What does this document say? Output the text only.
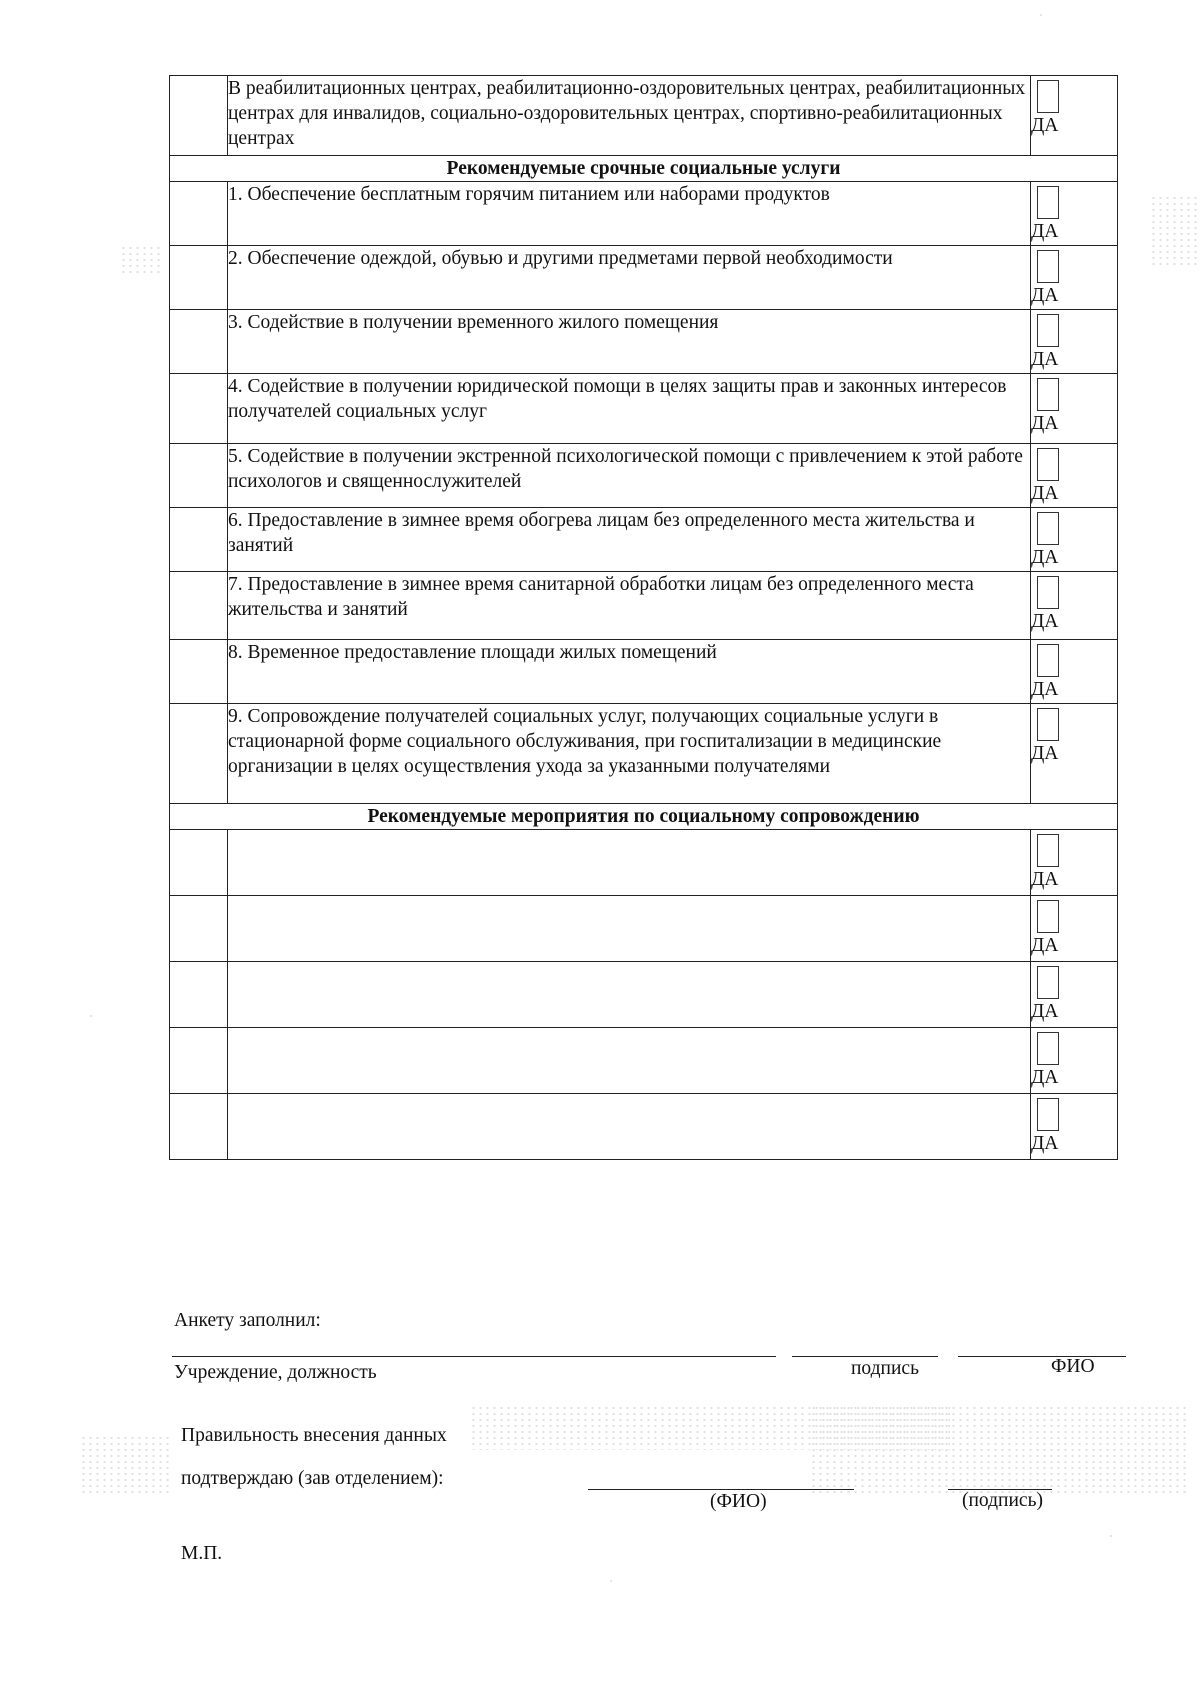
	В реабилитационных центрах, реабилитационно-оздоровительных центрах, реабилитационных центрах для инвалидов, социально-оздоровительных центрах, спортивно-реабилитационных центрах	ДА

Рекомендуемые срочные социальные услуги		
	1. Обеспечение бесплатным горячим питанием или наборами продуктов	ДА

	2. Обеспечение одеждой, обувью и другими предметами первой необходимости	ДА

	3. Содействие в получении временного жилого помещения	ДА

	4. Содействие в получении юридической помощи в целях защиты прав и законных интересов получателей социальных услуг	ДА

	5. Содействие в получении экстренной психологической помощи с привлечением к этой работе психологов и священнослужителей	ДА

	6. Предоставление в зимнее время обогрева лицам без определенного места жительства и занятий	ДА

	7. Предоставление в зимнее время санитарной обработки лицам без определенного места жительства и занятий	ДА

	8. Временное предоставление площади жилых помещений	ДА

	9. Сопровождение получателей социальных услуг, получающих социальные услуги в стационарной форме социального обслуживания, при госпитализации в медицинские организации в целях осуществления ухода за указанными получателями	ДА

Рекомендуемые мероприятия по социальному сопровождению		

		ДА

		ДА

		ДА

		ДА

		ДА
Анкету заполнил:
Учреждение, должность	подпись	ФИО
Правильность внесения данных
подтверждаю (зав отделением):
(ФИО)	(подпись)
М.П.
